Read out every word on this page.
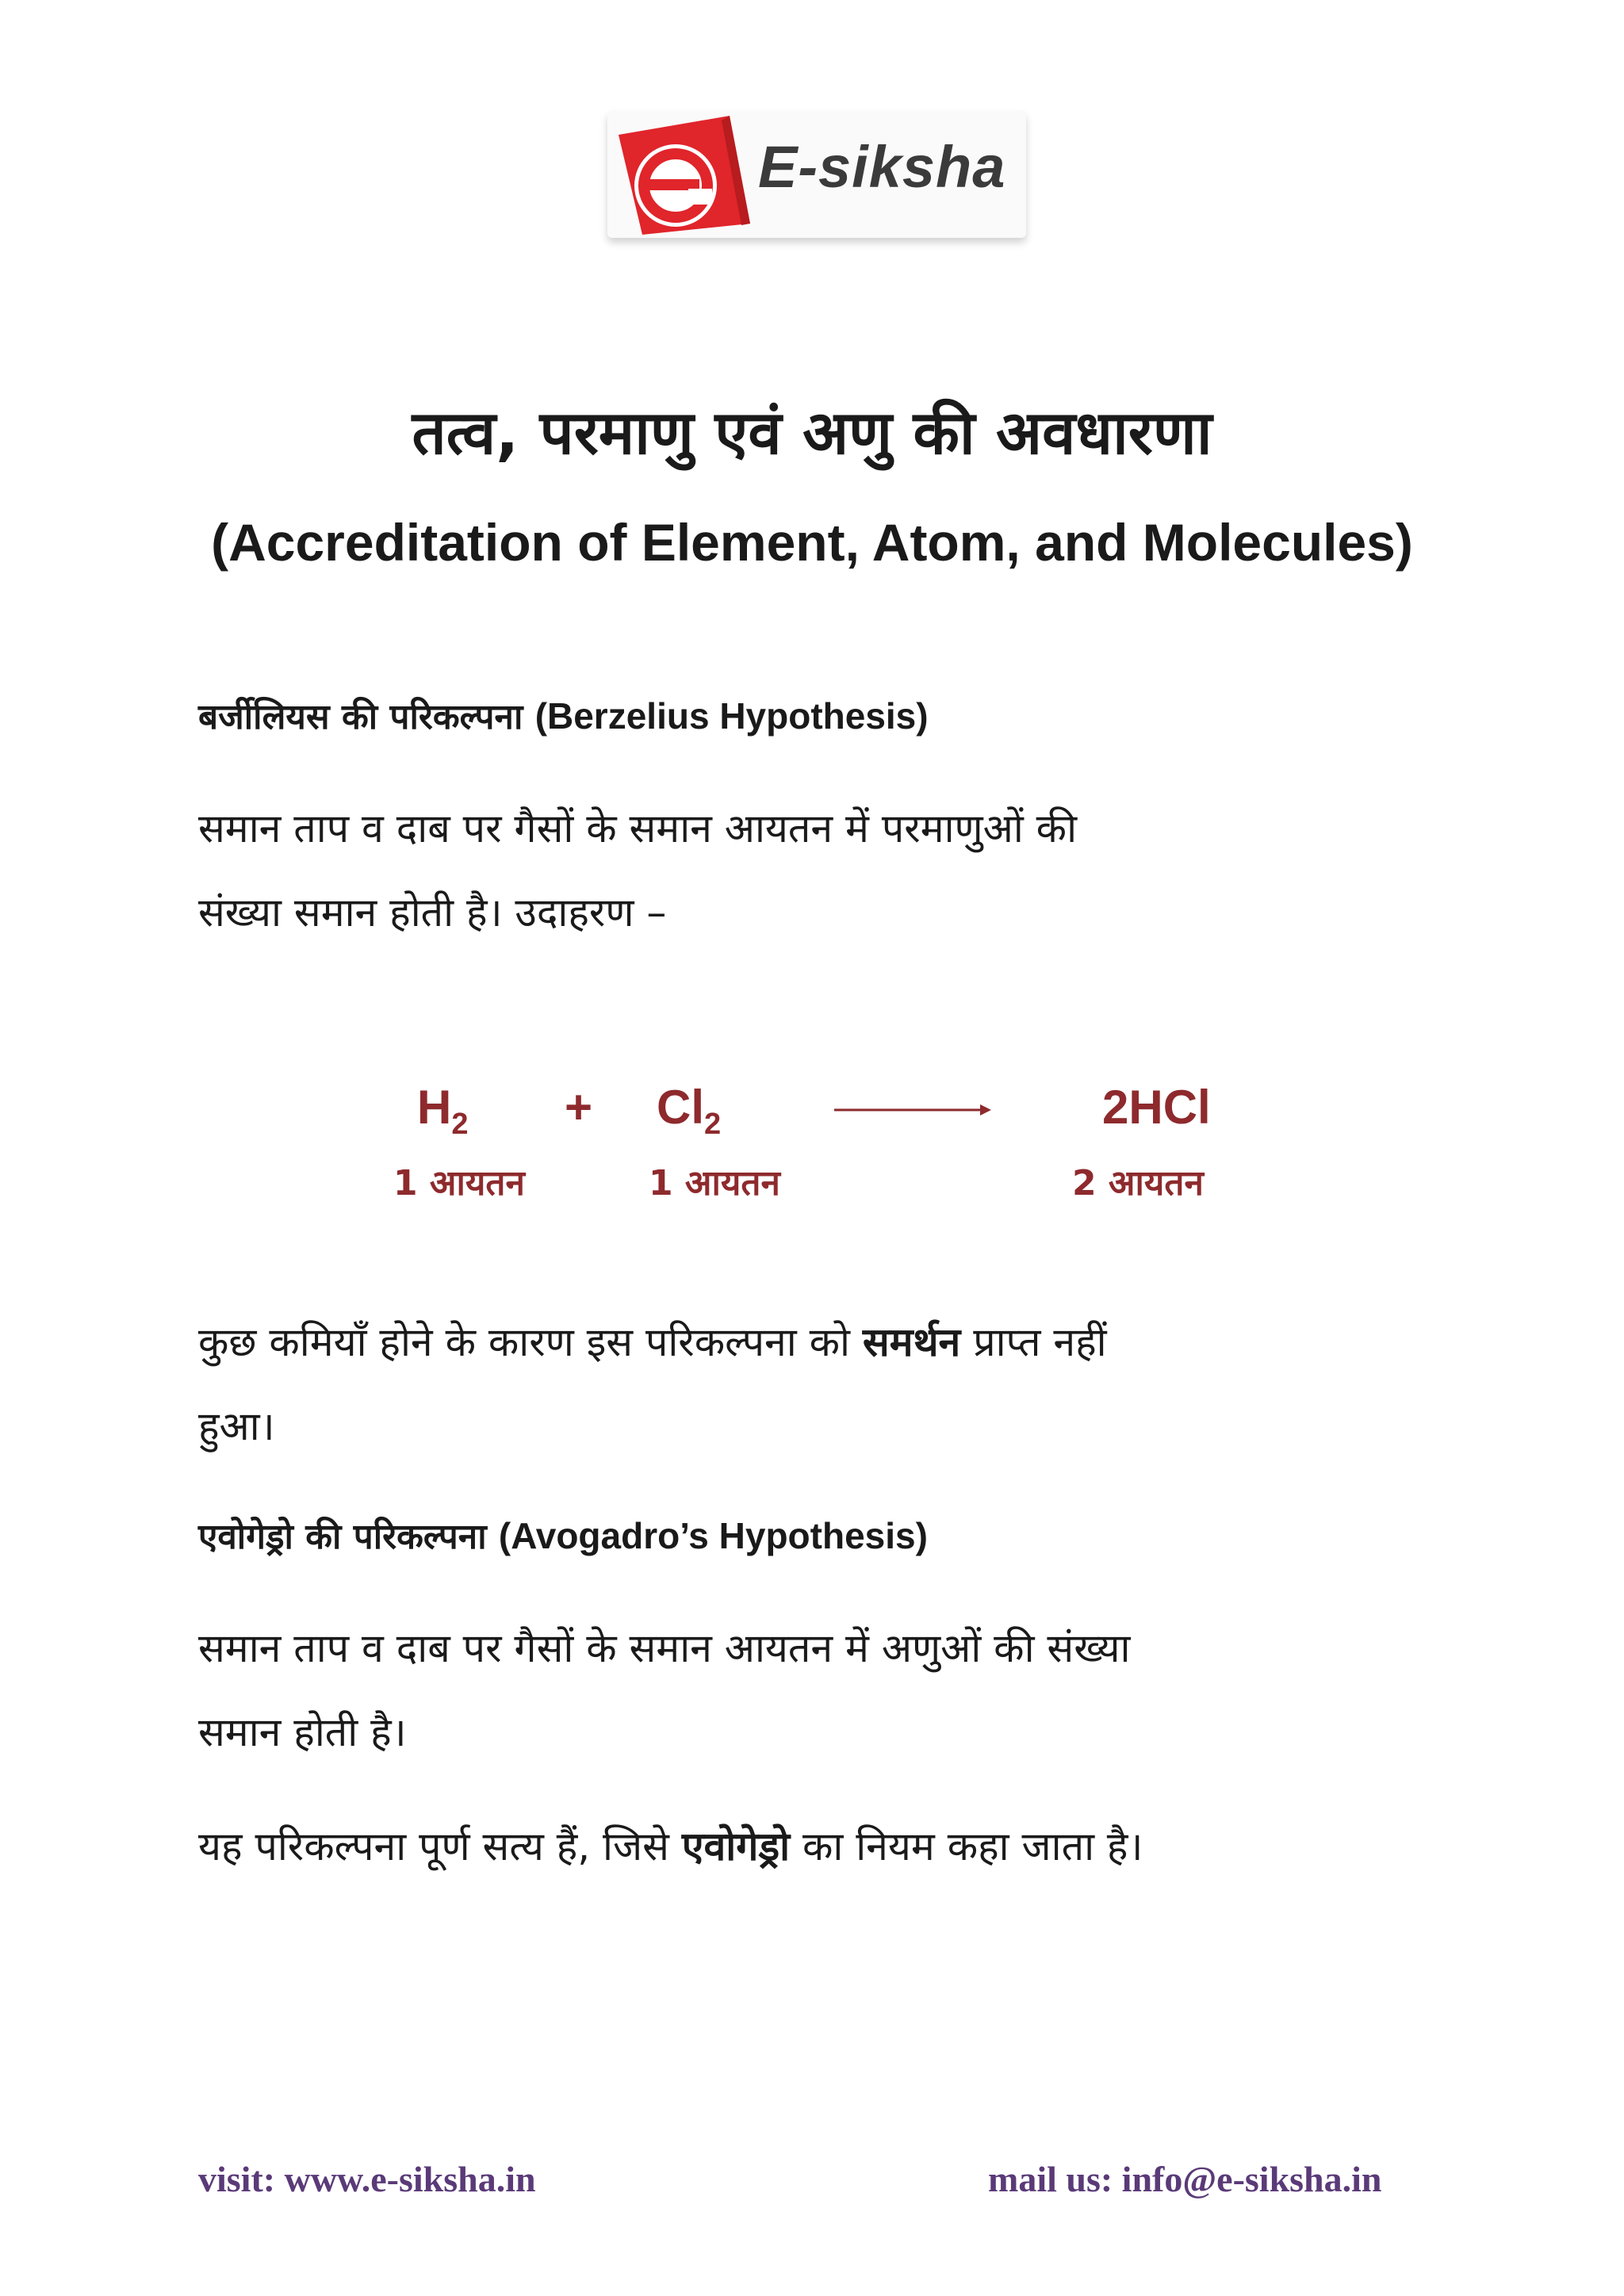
E-siksha
तत्व, परमाणु एवं अणु की अवधारणा
(Accreditation of Element, Atom, and Molecules)
बर्जीलियस की परिकल्पना (Berzelius Hypothesis)
समान ताप व दाब पर गैसों के समान आयतन में परमाणुओं की
संख्या समान होती है। उदाहरण –
$H_2 + Cl_2$	2HCl
1 आयतन	1 आयतन	2 आयतन
कुछ कमियाँ होने के कारण इस परिकल्पना को समर्थन प्राप्त नहीं
हुआ।
एवोगेड्रो की परिकल्पना (Avogadro’s Hypothesis)
समान ताप व दाब पर गैसों के समान आयतन में अणुओं की संख्या
समान होती है।
यह परिकल्पना पूर्ण सत्य हैं, जिसे एवोगेड्रो का नियम कहा जाता है।
visit: www.e-siksha.in	mail us: info@e-siksha.in
